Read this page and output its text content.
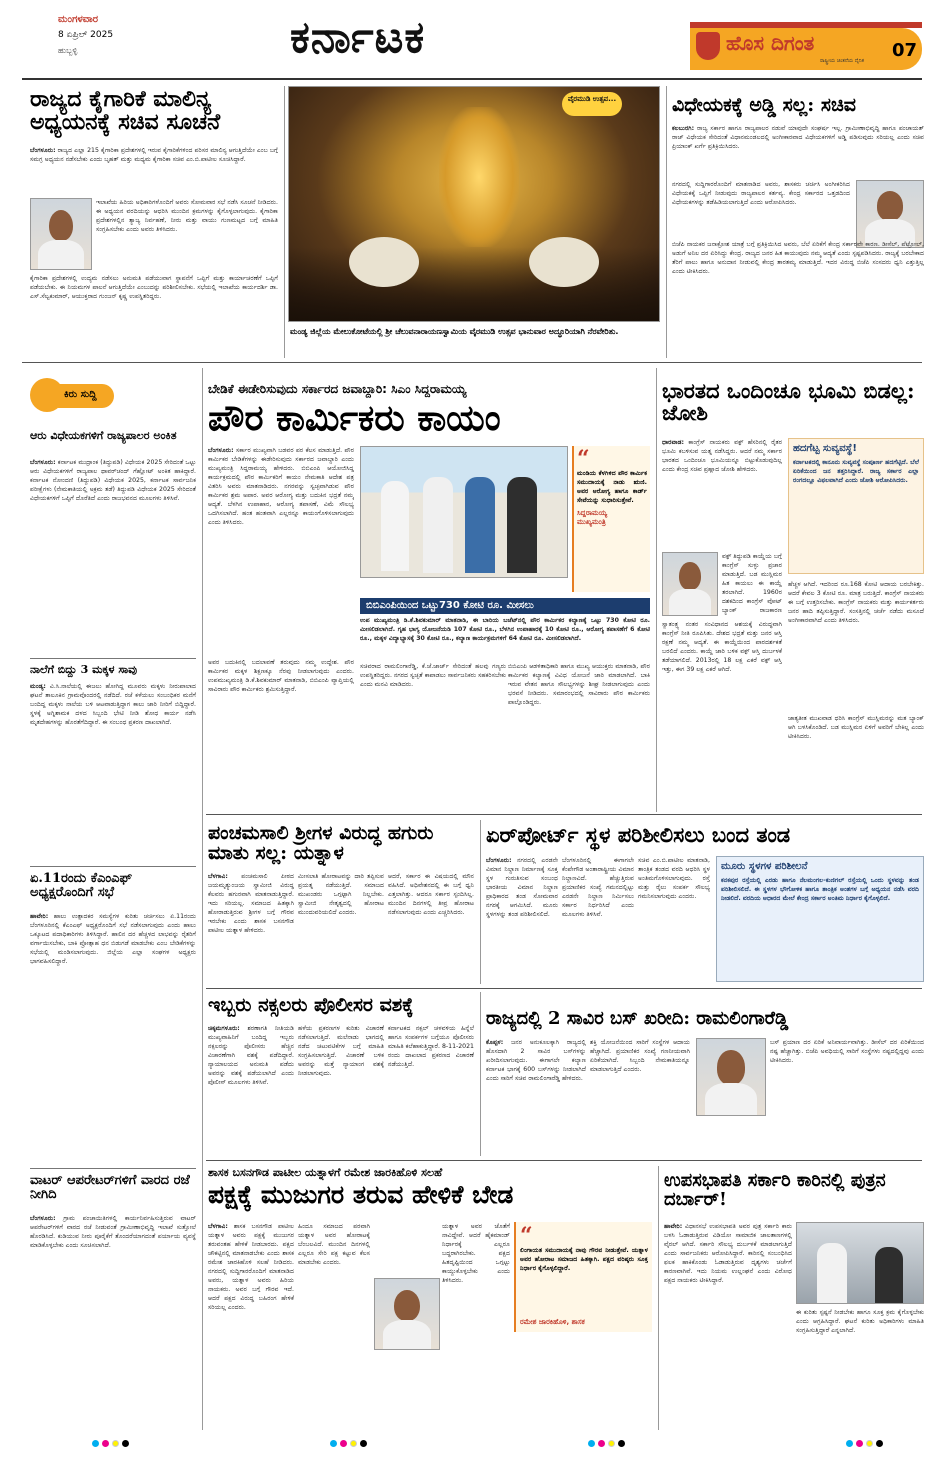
ಮಂಗಳವಾರ
8 ಏಪ್ರಿಲ್ 2025
ಹುಬ್ಬಳ್ಳಿ	ಕರ್ನಾಟಕ	ಹೊಸ ದಿಗಂತ
ರಾಷ್ಟ್ರೀಯ ಚಿಂತನೆಯ ದೈನಿಕ 07
ರಾಜ್ಯದ ಕೈಗಾರಿಕೆ ಮಾಲಿನ್ಯ ಅಧ್ಯಯನಕ್ಕೆ ಸಚಿವ ಸೂಚನೆ
ಬೆಂಗಳೂರು: ರಾಜ್ಯದ ಎಲ್ಲಾ 215 ಕೈಗಾರಿಕಾ ಪ್ರದೇಶಗಳಲ್ಲಿ ಇರುವ ಕೈಗಾರಿಕೆಗಳಿಂದ ಪರಿಸರ ಮಾಲಿನ್ಯ ಆಗುತ್ತಿದೆಯೇ ಎಂಬ ಬಗ್ಗೆ ಸಮಗ್ರ ಅಧ್ಯಯನ ನಡೆಸಬೇಕು ಎಂದು ಬೃಹತ್ ಮತ್ತು ಮಧ್ಯಮ ಕೈಗಾರಿಕಾ ಸಚಿವ ಎಂ.ಬಿ.ಪಾಟೀಲ ಸೂಚಿಸಿದ್ದಾರೆ.
ಇಲಾಖೆಯ ಹಿರಿಯ ಅಧಿಕಾರಿಗಳೊಂದಿಗೆ ಅವರು ಸೋಮವಾರ ಸಭೆ ನಡೆಸಿ ಸೂಚನೆ ನೀಡಿದರು. ಈ ಅಧ್ಯಯನ ವರದಿಯನ್ನು ಆಧರಿಸಿ ಮುಂದಿನ ಕ್ರಮಗಳನ್ನು ಕೈಗೊಳ್ಳಲಾಗುವುದು. ಕೈಗಾರಿಕಾ ಪ್ರದೇಶಗಳಲ್ಲಿನ ತ್ಯಾಜ್ಯ ನಿರ್ವಹಣೆ, ನೀರು ಮತ್ತು ವಾಯು ಗುಣಮಟ್ಟದ ಬಗ್ಗೆ ಮಾಹಿತಿ ಸಂಗ್ರಹಿಸಬೇಕು ಎಂದು ಅವರು ತಿಳಿಸಿದರು.
ಕೈಗಾರಿಕಾ ಪ್ರದೇಶಗಳಲ್ಲಿ ಉದ್ಯಮ ನಡೆಸಲು ಅನುಮತಿ ಪಡೆಯುವಾಗ ಸ್ಥಾಪನೆಗೆ ಒಪ್ಪಿಗೆ ಮತ್ತು ಕಾರ್ಯಾಚರಣೆಗೆ ಒಪ್ಪಿಗೆ ಪಡೆಯಬೇಕು. ಈ ನಿಯಮಗಳ ಪಾಲನೆ ಆಗುತ್ತಿದೆಯೇ ಎಂಬುದನ್ನು ಪರಿಶೀಲಿಸಬೇಕು. ಸಭೆಯಲ್ಲಿ ಇಲಾಖೆಯ ಕಾರ್ಯದರ್ಶಿ ಡಾ. ಎಸ್.ಸೆಲ್ವಕುಮಾರ್, ಆಯುಕ್ತರಾದ ಗುಂಜನ್ ಕೃಷ್ಣ ಉಪಸ್ಥಿತರಿದ್ದರು.
ವೈರಮುಡಿ ಉತ್ಸವ...
ಮಂಡ್ಯ ಜಿಲ್ಲೆಯ ಮೇಲುಕೋಟೆಯಲ್ಲಿ ಶ್ರೀ ಚೆಲುವನಾರಾಯಣಸ್ವಾಮಿಯ ವೈರಮುಡಿ ಉತ್ಸವ ಭಾನುವಾರ ಅದ್ಧೂರಿಯಾಗಿ ನೆರವೇರಿತು.
ವಿಧೇಯಕಕ್ಕೆ ಅಡ್ಡಿ ಸಲ್ಲ: ಸಚಿವ
ಕಲಬುರಗಿ: ರಾಜ್ಯ ಸರ್ಕಾರ ಹಾಗೂ ರಾಜ್ಯಪಾಲರ ನಡುವೆ ಯಾವುದೇ ಸಂಘರ್ಷ ಇಲ್ಲ. ಗ್ರಾಮೀಣಾಭಿವೃದ್ಧಿ ಹಾಗೂ ಪಂಚಾಯತ್ ರಾಜ್ ವಿಧೇಯಕ ಸೇರಿದಂತೆ ವಿಧಾನಮಂಡಲದಲ್ಲಿ ಅಂಗೀಕಾರವಾದ ವಿಧೇಯಕಗಳಿಗೆ ಅಡ್ಡಿ ಪಡಿಸುವುದು ಸರಿಯಲ್ಲ ಎಂದು ಸಚಿವ ಪ್ರಿಯಾಂಕ್ ಖರ್ಗೆ ಪ್ರತಿಕ್ರಿಯಿಸಿದರು.
ನಗರದಲ್ಲಿ ಸುದ್ದಿಗಾರರೊಂದಿಗೆ ಮಾತನಾಡಿದ ಅವರು, ಶಾಸಕರು ಚರ್ಚಿಸಿ ಅಂಗೀಕರಿಸಿದ ವಿಧೇಯಕಕ್ಕೆ ಒಪ್ಪಿಗೆ ನೀಡುವುದು ರಾಜ್ಯಪಾಲರ ಕರ್ತವ್ಯ. ಕೇಂದ್ರ ಸರ್ಕಾರದ ಒತ್ತಡದಿಂದ ವಿಧೇಯಕಗಳನ್ನು ತಡೆಹಿಡಿಯಲಾಗುತ್ತಿದೆ ಎಂದು ಆರೋಪಿಸಿದರು.
ಬಿಜೆಪಿ ನಾಯಕರ ಜನಾಕ್ರೋಶ ಯಾತ್ರೆ ಬಗ್ಗೆ ಪ್ರತಿಕ್ರಿಯಿಸಿದ ಅವರು, ಬೆಲೆ ಏರಿಕೆಗೆ ಕೇಂದ್ರ ಸರ್ಕಾರವೇ ಕಾರಣ. ಡೀಸೆಲ್, ಪೆಟ್ರೋಲ್, ಅಡುಗೆ ಅನಿಲ ದರ ಏರಿಸಿದ್ದು ಕೇಂದ್ರ. ರಾಜ್ಯದ ಜನರ ಹಿತ ಕಾಯುವುದು ನಮ್ಮ ಆದ್ಯತೆ ಎಂದು ಸ್ಪಷ್ಟಪಡಿಸಿದರು. ರಾಜ್ಯಕ್ಕೆ ಬರಬೇಕಾದ ತೆರಿಗೆ ಪಾಲು ಹಾಗೂ ಅನುದಾನ ನೀಡುವಲ್ಲಿ ಕೇಂದ್ರ ತಾರತಮ್ಯ ಮಾಡುತ್ತಿದೆ. ಇದರ ವಿರುದ್ಧ ಬಿಜೆಪಿ ಸಂಸದರು ಧ್ವನಿ ಎತ್ತುತ್ತಿಲ್ಲ ಎಂದು ಟೀಕಿಸಿದರು.
ಕಿರು ಸುದ್ದಿ
ಆರು ವಿಧೇಯಕಗಳಿಗೆ ರಾಜ್ಯಪಾಲರ ಅಂಕಿತ
ಬೆಂಗಳೂರು: ಕರ್ನಾಟಕ ಮುದ್ರಾಂಕ (ತಿದ್ದುಪಡಿ) ವಿಧೇಯಕ 2025 ಸೇರಿದಂತೆ ಒಟ್ಟು ಆರು ವಿಧೇಯಕಗಳಿಗೆ ರಾಜ್ಯಪಾಲ ಥಾವರ್‌ಚಂದ್ ಗೆಹ್ಲೋಟ್ ಅಂಕಿತ ಹಾಕಿದ್ದಾರೆ. ಕರ್ನಾಟಕ ನೋಂದಣಿ (ತಿದ್ದುಪಡಿ) ವಿಧೇಯಕ 2025, ಕರ್ನಾಟಕ ಸಾರ್ವಜನಿಕ ಪರೀಕ್ಷೆಗಳು (ನೇಮಕಾತಿಯಲ್ಲಿ ಅಕ್ರಮ ತಡೆ) ತಿದ್ದುಪಡಿ ವಿಧೇಯಕ 2025 ಸೇರಿದಂತೆ ವಿಧೇಯಕಗಳಿಗೆ ಒಪ್ಪಿಗೆ ದೊರೆತಿದೆ ಎಂದು ರಾಜಭವನದ ಮೂಲಗಳು ತಿಳಿಸಿವೆ.
ನಾಲೆಗೆ ಬಿದ್ದು 3 ಮಕ್ಕಳ ಸಾವು
ಮಂಡ್ಯ: ವಿ.ಸಿ.ನಾಲೆಯಲ್ಲಿ ಈಜಲು ಹೋಗಿದ್ದ ಮೂವರು ಮಕ್ಕಳು ನೀರುಪಾಲಾದ ಘಟನೆ ತಾಲೂಕಿನ ಗ್ರಾಮವೊಂದರಲ್ಲಿ ನಡೆದಿದೆ. ರಜೆ ಕಳೆಯಲು ಸಂಬಂಧಿಕರ ಮನೆಗೆ ಬಂದಿದ್ದ ಮಕ್ಕಳು ನಾಲೆಯ ಬಳಿ ಆಟವಾಡುತ್ತಿದ್ದಾಗ ಕಾಲು ಜಾರಿ ನೀರಿಗೆ ಬಿದ್ದಿದ್ದಾರೆ. ಸ್ಥಳಕ್ಕೆ ಅಗ್ನಿಶಾಮಕ ದಳದ ಸಿಬ್ಬಂದಿ ಭೇಟಿ ನೀಡಿ ಶೋಧ ಕಾರ್ಯ ನಡೆಸಿ ಮೃತದೇಹಗಳನ್ನು ಹೊರತೆಗೆದಿದ್ದಾರೆ. ಈ ಸಂಬಂಧ ಪ್ರಕರಣ ದಾಖಲಾಗಿದೆ.
ಏ.11ರಂದು ಕೆಎಂಎಫ್ ಅಧ್ಯಕ್ಷರೊಂದಿಗೆ ಸಭೆ
ಹಾವೇರಿ: ಹಾಲು ಉತ್ಪಾದಕರ ಸಮಸ್ಯೆಗಳ ಕುರಿತು ಚರ್ಚಿಸಲು ಏ.11ರಂದು ಬೆಂಗಳೂರಿನಲ್ಲಿ ಕೆಎಂಎಫ್ ಅಧ್ಯಕ್ಷರೊಂದಿಗೆ ಸಭೆ ನಡೆಸಲಾಗುವುದು ಎಂದು ಹಾಲು ಒಕ್ಕೂಟದ ಪದಾಧಿಕಾರಿಗಳು ತಿಳಿಸಿದ್ದಾರೆ. ಹಾಲಿನ ದರ ಹೆಚ್ಚಳದ ಲಾಭವನ್ನು ರೈತರಿಗೆ ವರ್ಗಾಯಿಸಬೇಕು, ಬಾಕಿ ಪ್ರೋತ್ಸಾಹ ಧನ ಬಿಡುಗಡೆ ಮಾಡಬೇಕು ಎಂಬ ಬೇಡಿಕೆಗಳನ್ನು ಸಭೆಯಲ್ಲಿ ಮಂಡಿಸಲಾಗುವುದು. ಜಿಲ್ಲೆಯ ಎಲ್ಲಾ ಸಂಘಗಳ ಅಧ್ಯಕ್ಷರು ಭಾಗವಹಿಸಲಿದ್ದಾರೆ.
ವಾಟರ್ ಆಪರೇಟರ್‌ಗಳಿಗೆ ವಾರದ ರಜೆ ನೀಗಿದಿ
ಬೆಂಗಳೂರು: ಗ್ರಾಮ ಪಂಚಾಯಿತಿಗಳಲ್ಲಿ ಕಾರ್ಯನಿರ್ವಹಿಸುತ್ತಿರುವ ವಾಟರ್ ಆಪರೇಟರ್‌ಗಳಿಗೆ ವಾರದ ರಜೆ ನೀಡುವಂತೆ ಗ್ರಾಮೀಣಾಭಿವೃದ್ಧಿ ಇಲಾಖೆ ಸುತ್ತೋಲೆ ಹೊರಡಿಸಿದೆ. ಕುಡಿಯುವ ನೀರು ಪೂರೈಕೆಗೆ ತೊಂದರೆಯಾಗದಂತೆ ಪರ್ಯಾಯ ವ್ಯವಸ್ಥೆ ಮಾಡಿಕೊಳ್ಳಬೇಕು ಎಂದು ಸೂಚಿಸಲಾಗಿದೆ.
ಬೇಡಿಕೆ ಈಡೇರಿಸುವುದು ಸರ್ಕಾರದ ಜವಾಬ್ದಾರಿ: ಸಿಎಂ ಸಿದ್ದರಾಮಯ್ಯ
ಪೌರ ಕಾರ್ಮಿಕರು ಕಾಯಂ
ಬೆಂಗಳೂರು: ಸರ್ಕಾರ ಮುಖ್ಯವಾಗಿ ಬಡವರ ಪರ ಕೆಲಸ ಮಾಡುತ್ತಿದೆ. ಪೌರ ಕಾರ್ಮಿಕರ ಬೇಡಿಕೆಗಳನ್ನು ಈಡೇರಿಸುವುದು ಸರ್ಕಾರದ ಜವಾಬ್ದಾರಿ ಎಂದು ಮುಖ್ಯಮಂತ್ರಿ ಸಿದ್ದರಾಮಯ್ಯ ಹೇಳಿದರು. ಬಿಬಿಎಂಪಿ ಆಯೋಜಿಸಿದ್ದ ಕಾರ್ಯಕ್ರಮದಲ್ಲಿ ಪೌರ ಕಾರ್ಮಿಕರಿಗೆ ಕಾಯಂ ನೇಮಕಾತಿ ಆದೇಶ ಪತ್ರ ವಿತರಿಸಿ ಅವರು ಮಾತನಾಡಿದರು. ನಗರವನ್ನು ಸ್ವಚ್ಛವಾಗಿಡುವ ಪೌರ ಕಾರ್ಮಿಕರ ಶ್ರಮ ಅಪಾರ. ಅವರ ಆರೋಗ್ಯ ಮತ್ತು ಬದುಕಿನ ಭದ್ರತೆ ನಮ್ಮ ಆದ್ಯತೆ. ಬೆಳಗಿನ ಉಪಾಹಾರ, ಆರೋಗ್ಯ ತಪಾಸಣೆ, ವಿಮೆ ಸೌಲಭ್ಯ ಒದಗಿಸಲಾಗಿದೆ. ಹಂತ ಹಂತವಾಗಿ ಎಲ್ಲರನ್ನೂ ಕಾಯಂಗೊಳಿಸಲಾಗುವುದು ಎಂದು ತಿಳಿಸಿದರು.
“
ಮಂಡಿಯ ಕೆಳಗಿಳಿದ ಪೌರ ಕಾರ್ಮಿಕ ಸಮುದಾಯಕ್ಕೆ ನಾಡು ಋಣಿ. ಅವರ ಆರೋಗ್ಯ ಹಾಗೂ ಕಾರ್ಡ್ ಸೇವೆಯನ್ನು ಸುಧಾರಿಸುತ್ತೇವೆ.
ಸಿದ್ದರಾಮಯ್ಯ
ಮುಖ್ಯಮಂತ್ರಿ
ಬಿಬಿಎಂಪಿಯಿಂದ ಒಟ್ಟು730 ಕೋಟಿ ರೂ. ಮೀಸಲು
ಉಪ ಮುಖ್ಯಮಂತ್ರಿ ಡಿ.ಕೆ.ಶಿವಕುಮಾರ್ ಮಾತನಾಡಿ, ಈ ಬಾರಿಯ ಬಜೆಟ್‌ನಲ್ಲಿ ಪೌರ ಕಾರ್ಮಿಕರ ಕಲ್ಯಾಣಕ್ಕೆ ಒಟ್ಟು 730 ಕೋಟಿ ರೂ. ಮೀಸಲಿಡಲಾಗಿದೆ. ಗೃಹ ಭಾಗ್ಯ ಯೋಜನೆಯಡಿ 107 ಕೋಟಿ ರೂ., ಬೆಳಗಿನ ಉಪಾಹಾರಕ್ಕೆ 10 ಕೋಟಿ ರೂ., ಆರೋಗ್ಯ ತಪಾಸಣೆಗೆ 6 ಕೋಟಿ ರೂ., ಮಕ್ಕಳ ವಿದ್ಯಾಭ್ಯಾಸಕ್ಕೆ 30 ಕೋಟಿ ರೂ., ಕಲ್ಯಾಣ ಕಾರ್ಯಕ್ರಮಗಳಿಗೆ 64 ಕೋಟಿ ರೂ. ಮೀಸಲಿಡಲಾಗಿದೆ.
ಅವರ ಬದುಕಿನಲ್ಲಿ ಬದಲಾವಣೆ ತರುವುದು ನಮ್ಮ ಉದ್ದೇಶ. ಪೌರ ಕಾರ್ಮಿಕರ ಮಕ್ಕಳ ಶಿಕ್ಷಣಕ್ಕೂ ನೆರವು ನೀಡಲಾಗುವುದು ಎಂದರು. ಉಪಮುಖ್ಯಮಂತ್ರಿ ಡಿ.ಕೆ.ಶಿವಕುಮಾರ್ ಮಾತನಾಡಿ, ಬಿಬಿಎಂಪಿ ವ್ಯಾಪ್ತಿಯಲ್ಲಿ ಸಾವಿರಾರು ಪೌರ ಕಾರ್ಮಿಕರು ಶ್ರಮಿಸುತ್ತಿದ್ದಾರೆ.
ಸಚಿವರಾದ ರಾಮಲಿಂಗಾರೆಡ್ಡಿ, ಕೆ.ಜೆ.ಜಾರ್ಜ್ ಸೇರಿದಂತೆ ಹಲವು ಗಣ್ಯರು ಉಪಸ್ಥಿತರಿದ್ದರು. ನಗರದ ಸ್ವಚ್ಛತೆ ಕಾಪಾಡಲು ಸಾರ್ವಜನಿಕರು ಸಹಕರಿಸಬೇಕು ಎಂದು ಮನವಿ ಮಾಡಿದರು.
ಬಿಬಿಎಂಪಿ ಆಡಳಿತಾಧಿಕಾರಿ ಹಾಗೂ ಮುಖ್ಯ ಆಯುಕ್ತರು ಮಾತನಾಡಿ, ಪೌರ ಕಾರ್ಮಿಕರ ಕಲ್ಯಾಣಕ್ಕೆ ವಿವಿಧ ಯೋಜನೆ ಜಾರಿ ಮಾಡಲಾಗಿದೆ. ಬಾಕಿ ಇರುವ ವೇತನ ಹಾಗೂ ಸೌಲಭ್ಯಗಳನ್ನು ಶೀಘ್ರ ನೀಡಲಾಗುವುದು ಎಂದು ಭರವಸೆ ನೀಡಿದರು. ಸಮಾರಂಭದಲ್ಲಿ ಸಾವಿರಾರು ಪೌರ ಕಾರ್ಮಿಕರು ಪಾಲ್ಗೊಂಡಿದ್ದರು.
ಭಾರತದ ಒಂದಿಂಚೂ ಭೂಮಿ ಬಿಡಲ್ಲ: ಜೋಶಿ
ಧಾರವಾಡ: ಕಾಂಗ್ರೆಸ್ ನಾಯಕರು ವಕ್ಫ್ ಹೆಸರಿನಲ್ಲಿ ರೈತರ ಭೂಮಿ ಕಬಳಿಸುವ ಯತ್ನ ನಡೆಸಿದ್ದರು. ಆದರೆ ನಮ್ಮ ಸರ್ಕಾರ ಭಾರತದ ಒಂದಿಂಚೂ ಭೂಮಿಯನ್ನೂ ಬಿಟ್ಟುಕೊಡುವುದಿಲ್ಲ ಎಂದು ಕೇಂದ್ರ ಸಚಿವ ಪ್ರಹ್ಲಾದ ಜೋಶಿ ಹೇಳಿದರು.
ಹದಗೆಟ್ಟ ಸುವ್ಯವಸ್ಥೆ!
ಕರ್ನಾಟಕದಲ್ಲಿ ಕಾನೂನು ಸುವ್ಯವಸ್ಥೆ ಸಂಪೂರ್ಣ ಹದಗೆಟ್ಟಿದೆ. ಬೆಲೆ ಏರಿಕೆಯಿಂದ ಜನ ತತ್ತರಿಸಿದ್ದಾರೆ. ರಾಜ್ಯ ಸರ್ಕಾರ ಎಲ್ಲಾ ರಂಗದಲ್ಲೂ ವಿಫಲವಾಗಿದೆ ಎಂದು ಜೋಶಿ ಆರೋಪಿಸಿದರು.
ವಕ್ಫ್ ತಿದ್ದುಪಡಿ ಕಾಯ್ದೆಯ ಬಗ್ಗೆ ಕಾಂಗ್ರೆಸ್ ಸುಳ್ಳು ಪ್ರಚಾರ ಮಾಡುತ್ತಿದೆ. ಬಡ ಮುಸ್ಲಿಮರ ಹಿತ ಕಾಯಲು ಈ ಕಾಯ್ದೆ ತರಲಾಗಿದೆ. 1960ರ ದಶಕದಿಂದ ಕಾಂಗ್ರೆಸ್ ವೋಟ್ ಬ್ಯಾಂಕ್ ರಾಜಕಾರಣ
ಸ್ವಾತಂತ್ರ್ಯ ನಂತರ ಸಂವಿಧಾನದ ಆಶಯಕ್ಕೆ ವಿರುದ್ಧವಾಗಿ ಕಾಂಗ್ರೆಸ್ ನೀತಿ ರೂಪಿಸಿತು. ದೇಶದ ಭದ್ರತೆ ಮತ್ತು ಜನರ ಆಸ್ತಿ ರಕ್ಷಣೆ ನಮ್ಮ ಆದ್ಯತೆ. ಈ ಕಾಯ್ದೆಯಿಂದ ಪಾರದರ್ಶಕತೆ ಬರಲಿದೆ ಎಂದರು. ಕಾಯ್ದೆ ಜಾರಿ ಬಳಿಕ ವಕ್ಫ್ ಆಸ್ತಿ ದುರ್ಬಳಕೆ ತಡೆಯಾಗಲಿದೆ. 2013ರಲ್ಲಿ 18 ಲಕ್ಷ ಎಕರೆ ವಕ್ಫ್ ಆಸ್ತಿ ಇತ್ತು, ಈಗ 39 ಲಕ್ಷ ಎಕರೆ ಆಗಿದೆ.
ಹೆಚ್ಚಳ ಆಗಿದೆ. ಇದರಿಂದ ರೂ.168 ಕೋಟಿ ಆದಾಯ ಬರಬೇಕಿತ್ತು. ಆದರೆ ಕೇವಲ 3 ಕೋಟಿ ರೂ. ಮಾತ್ರ ಬರುತ್ತಿದೆ. ಕಾಂಗ್ರೆಸ್ ನಾಯಕರು ಈ ಬಗ್ಗೆ ಉತ್ತರಿಸಬೇಕು. ಕಾಂಗ್ರೆಸ್ ನಾಯಕರು ಮತ್ತು ಕಾರ್ಯಕರ್ತರು ಜನರ ಹಾದಿ ತಪ್ಪಿಸುತ್ತಿದ್ದಾರೆ. ಸಂಸತ್ತಿನಲ್ಲಿ ಚರ್ಚೆ ನಡೆದು ಮಸೂದೆ ಅಂಗೀಕಾರವಾಗಿದೆ ಎಂದು ತಿಳಿಸಿದರು.
ಜಾತ್ಯತೀತ ಮುಖವಾಡ ಧರಿಸಿ ಕಾಂಗ್ರೆಸ್ ಮುಸ್ಲಿಮರನ್ನು ಮತ ಬ್ಯಾಂಕ್ ಆಗಿ ಬಳಸಿಕೊಂಡಿದೆ. ಬಡ ಮುಸ್ಲಿಮರ ಏಳಿಗೆ ಅವರಿಗೆ ಬೇಕಿಲ್ಲ ಎಂದು ಟೀಕಿಸಿದರು.
ಪಂಚಮಸಾಲಿ ಶ್ರೀಗಳ ವಿರುದ್ಧ ಹಗುರು ಮಾತು ಸಲ್ಲ: ಯತ್ನಾಳ
ಬೆಳಗಾವಿ: ಪಂಚಮಸಾಲಿ ಪೀಠದ ಜಯಮೃತ್ಯುಂಜಯ ಸ್ವಾಮೀಜಿ ವಿರುದ್ಧ ಕೆಲವರು ಹಗುರವಾಗಿ ಮಾತನಾಡುತ್ತಿದ್ದಾರೆ. ಇದು ಸರಿಯಲ್ಲ. ಸಮಾಜದ ಹಿತಕ್ಕಾಗಿ ಹೋರಾಡುತ್ತಿರುವ ಶ್ರೀಗಳ ಬಗ್ಗೆ ಗೌರವ ಇರಬೇಕು ಎಂದು ಶಾಸಕ ಬಸನಗೌಡ ಪಾಟೀಲ ಯತ್ನಾಳ ಹೇಳಿದರು.
ಮೀಸಲಾತಿ ಹೋರಾಟವನ್ನು ದಾರಿ ತಪ್ಪಿಸುವ ಪ್ರಯತ್ನ ನಡೆಯುತ್ತಿದೆ. ಸಮಾಜದ ಮುಖಂಡರು ಒಗ್ಗಟ್ಟಾಗಿ ನಿಲ್ಲಬೇಕು. ಸ್ವಾಮೀಜಿ ನೇತೃತ್ವದಲ್ಲಿ ಹೋರಾಟ ಮುಂದುವರಿಯಲಿದೆ ಎಂದರು.
ಆದರೆ, ಸರ್ಕಾರ ಈ ವಿಷಯದಲ್ಲಿ ಮೌನ ವಹಿಸಿದೆ. ಅಧಿವೇಶನದಲ್ಲಿ ಈ ಬಗ್ಗೆ ಧ್ವನಿ ಎತ್ತಲಾಗಿತ್ತು. ಆದರೂ ಸರ್ಕಾರ ಸ್ಪಂದಿಸಿಲ್ಲ. ಮುಂದಿನ ದಿನಗಳಲ್ಲಿ ತೀವ್ರ ಹೋರಾಟ ನಡೆಸಲಾಗುವುದು ಎಂದು ಎಚ್ಚರಿಸಿದರು.
ಏರ್‌ಪೋರ್ಟ್ ಸ್ಥಳ ಪರಿಶೀಲಿಸಲು ಬಂದ ತಂಡ
ಬೆಂಗಳೂರು: ನಗರದಲ್ಲಿ ಎರಡನೇ ವಿಮಾನ ನಿಲ್ದಾಣ ನಿರ್ಮಾಣಕ್ಕೆ ಸೂಕ್ತ ಸ್ಥಳ ಗುರುತಿಸುವ ಸಂಬಂಧ ಭಾರತೀಯ ವಿಮಾನ ನಿಲ್ದಾಣ ಪ್ರಾಧಿಕಾರದ ತಂಡ ಸೋಮವಾರ ನಗರಕ್ಕೆ ಆಗಮಿಸಿದೆ. ಮೂರು ಸ್ಥಳಗಳನ್ನು ತಂಡ ಪರಿಶೀಲಿಸಲಿದೆ.
ಬೆಂಗಳೂರಿನಲ್ಲಿ ಈಗಾಗಲೇ ಕೆಂಪೇಗೌಡ ಅಂತಾರಾಷ್ಟ್ರೀಯ ವಿಮಾನ ನಿಲ್ದಾಣವಿದೆ. ಹೆಚ್ಚುತ್ತಿರುವ ಪ್ರಯಾಣಿಕರ ಸಂಖ್ಯೆ ಗಮನದಲ್ಲಿಟ್ಟು ಎರಡನೇ ನಿಲ್ದಾಣ ನಿರ್ಮಿಸಲು ಸರ್ಕಾರ ನಿರ್ಧರಿಸಿದೆ ಎಂದು ಮೂಲಗಳು ತಿಳಿಸಿವೆ.
ಸಚಿವ ಎಂ.ಬಿ.ಪಾಟೀಲ ಮಾತನಾಡಿ, ತಾಂತ್ರಿಕ ತಂಡದ ವರದಿ ಆಧರಿಸಿ ಸ್ಥಳ ಅಂತಿಮಗೊಳಿಸಲಾಗುವುದು. ರಸ್ತೆ ಮತ್ತು ರೈಲು ಸಂಪರ್ಕ ಸೌಲಭ್ಯ ಗಮನಿಸಲಾಗುವುದು ಎಂದರು.
ಮೂರು ಸ್ಥಳಗಳ ಪರಿಶೀಲನೆ
ಕನಕಪುರ ರಸ್ತೆಯಲ್ಲಿ ಎರಡು ಹಾಗೂ ನೆಲಮಂಗಲ-ಕುಣಿಗಲ್ ರಸ್ತೆಯಲ್ಲಿ ಒಂದು ಸ್ಥಳವನ್ನು ತಂಡ ಪರಿಶೀಲಿಸಲಿದೆ. ಈ ಸ್ಥಳಗಳ ಭೌಗೋಳಿಕ ಹಾಗೂ ತಾಂತ್ರಿಕ ಅಂಶಗಳ ಬಗ್ಗೆ ಅಧ್ಯಯನ ನಡೆಸಿ ವರದಿ ನೀಡಲಿದೆ. ವರದಿಯ ಆಧಾರದ ಮೇಲೆ ಕೇಂದ್ರ ಸರ್ಕಾರ ಅಂತಿಮ ನಿರ್ಧಾರ ಕೈಗೊಳ್ಳಲಿದೆ.
ಇಬ್ಬರು ನಕ್ಸಲರು ಪೊಲೀಸರ ವಶಕ್ಕೆ
ಚಿಕ್ಕಮಗಳೂರು: ಶರಣಾಗತಿ ನೀತಿಯಡಿ ಮುಖ್ಯವಾಹಿನಿಗೆ ಬಂದಿದ್ದ ಇಬ್ಬರು ನಕ್ಸಲರನ್ನು ಪೊಲೀಸರು ಹೆಚ್ಚಿನ ವಿಚಾರಣೆಗಾಗಿ ವಶಕ್ಕೆ ಪಡೆದಿದ್ದಾರೆ. ನ್ಯಾಯಾಲಯದ ಅನುಮತಿ ಪಡೆದು ಅವರನ್ನು ವಶಕ್ಕೆ ಪಡೆಯಲಾಗಿದೆ ಎಂದು ಪೊಲೀಸ್ ಮೂಲಗಳು ತಿಳಿಸಿವೆ.
ಹಳೆಯ ಪ್ರಕರಣಗಳ ಕುರಿತು ವಿಚಾರಣೆ ನಡೆಸಲಾಗುತ್ತಿದೆ. ಮಲೆನಾಡು ಭಾಗದಲ್ಲಿ ನಡೆದ ಚಟುವಟಿಕೆಗಳ ಬಗ್ಗೆ ಮಾಹಿತಿ ಸಂಗ್ರಹಿಸಲಾಗುತ್ತಿದೆ. ವಿಚಾರಣೆ ಬಳಿಕ ಅವರನ್ನು ಮತ್ತೆ ನ್ಯಾಯಾಂಗ ವಶಕ್ಕೆ ನೀಡಲಾಗುವುದು.
ಕರ್ನಾಟಕದ ನಕ್ಸಲ್ ಚಳವಳಿಯ ಹಿನ್ನೆಲೆ ಹಾಗೂ ಸಂಪರ್ಕಗಳ ಬಗ್ಗೆಯೂ ಪೊಲೀಸರು ಮಾಹಿತಿ ಕಲೆಹಾಕುತ್ತಿದ್ದಾರೆ. 8-11-2021 ರಂದು ದಾಖಲಾದ ಪ್ರಕರಣದ ವಿಚಾರಣೆ ನಡೆಯುತ್ತಿದೆ.
ರಾಜ್ಯದಲ್ಲಿ 2 ಸಾವಿರ ಬಸ್ ಖರೀದಿ: ರಾಮಲಿಂಗಾರೆಡ್ಡಿ
ಕೊಪ್ಪಳ: ಜನರ ಅನುಕೂಲಕ್ಕಾಗಿ ರಾಜ್ಯದಲ್ಲಿ ಹೊಸದಾಗಿ 2 ಸಾವಿರ ಬಸ್‌ಗಳನ್ನು ಖರೀದಿಸಲಾಗುವುದು. ಈಗಾಗಲೇ ಕಲ್ಯಾಣ ಕರ್ನಾಟಕ ಭಾಗಕ್ಕೆ 600 ಬಸ್‌ಗಳನ್ನು ನೀಡಲಾಗಿದೆ ಎಂದು ಸಾರಿಗೆ ಸಚಿವ ರಾಮಲಿಂಗಾರೆಡ್ಡಿ ಹೇಳಿದರು.
ಶಕ್ತಿ ಯೋಜನೆಯಿಂದ ಸಾರಿಗೆ ಸಂಸ್ಥೆಗಳ ಆದಾಯ ಹೆಚ್ಚಾಗಿದೆ. ಪ್ರಯಾಣಿಕರ ಸಂಖ್ಯೆ ಗಣನೀಯವಾಗಿ ಏರಿಕೆಯಾಗಿದೆ. ಸಿಬ್ಬಂದಿ ನೇಮಕಾತಿಯನ್ನೂ ಮಾಡಲಾಗುತ್ತಿದೆ ಎಂದರು.
ಬಸ್ ಪ್ರಯಾಣ ದರ ಏರಿಕೆ ಅನಿವಾರ್ಯವಾಗಿತ್ತು. ಡೀಸೆಲ್ ದರ ಏರಿಕೆಯಿಂದ ನಷ್ಟ ಹೆಚ್ಚಾಗಿತ್ತು. ಬಿಜೆಪಿ ಅವಧಿಯಲ್ಲಿ ಸಾರಿಗೆ ಸಂಸ್ಥೆಗಳು ನಷ್ಟದಲ್ಲಿದ್ದವು ಎಂದು ಟೀಕಿಸಿದರು.
ಶಾಸಕ ಬಸನಗೌಡ ಪಾಟೀಲ ಯತ್ನಾಳಗೆ ರಮೇಶ ಜಾರಕಿಹೊಳಿ ಸಲಹೆ
ಪಕ್ಷಕ್ಕೆ ಮುಜುಗರ ತರುವ ಹೇಳಿಕೆ ಬೇಡ
ಬೆಳಗಾವಿ: ಶಾಸಕ ಬಸನಗೌಡ ಪಾಟೀಲ ಯತ್ನಾಳ ಅವರು ಪಕ್ಷಕ್ಕೆ ಮುಜುಗರ ತರುವಂತಹ ಹೇಳಿಕೆ ನೀಡಬಾರದು. ಪಕ್ಷದ ಚೌಕಟ್ಟಿನಲ್ಲಿ ಮಾತನಾಡಬೇಕು ಎಂದು ಶಾಸಕ ರಮೇಶ ಜಾರಕಿಹೊಳಿ ಸಲಹೆ ನೀಡಿದರು. ನಗರದಲ್ಲಿ ಸುದ್ದಿಗಾರರೊಂದಿಗೆ ಮಾತನಾಡಿದ ಅವರು, ಯತ್ನಾಳ ಅವರು ಹಿರಿಯ ನಾಯಕರು. ಅವರ ಬಗ್ಗೆ ಗೌರವ ಇದೆ. ಆದರೆ ಪಕ್ಷದ ವಿರುದ್ಧ ಬಹಿರಂಗ ಹೇಳಿಕೆ ಸರಿಯಲ್ಲ ಎಂದರು.
ಹಿಂದೂ ಸಮಾಜದ ಪರವಾಗಿ ಯತ್ನಾಳ ಅವರ ಹೋರಾಟಕ್ಕೆ ಬೆಂಬಲವಿದೆ. ಮುಂದಿನ ದಿನಗಳಲ್ಲಿ ಎಲ್ಲರೂ ಸೇರಿ ಪಕ್ಷ ಕಟ್ಟುವ ಕೆಲಸ ಮಾಡಬೇಕು ಎಂದರು.
ಯತ್ನಾಳ ಅವರ ಜೊತೆಗೆ ನಾವಿದ್ದೇವೆ. ಆದರೆ ಹೈಕಮಾಂಡ್ ನಿರ್ಧಾರಕ್ಕೆ ಎಲ್ಲರೂ ಬದ್ಧರಾಗಿರಬೇಕು. ಪಕ್ಷದ ಹಿತದೃಷ್ಟಿಯಿಂದ ಒಗ್ಗಟ್ಟು ಕಾಯ್ದುಕೊಳ್ಳಬೇಕು ಎಂದು ತಿಳಿಸಿದರು.
“
ಲಿಂಗಾಯತ ಸಮುದಾಯಕ್ಕೆ ನಾವು ಗೌರವ ನೀಡುತ್ತೇವೆ. ಯತ್ನಾಳ ಅವರ ಹೋರಾಟ ಸಮಾಜದ ಹಿತಕ್ಕಾಗಿ. ಪಕ್ಷದ ವರಿಷ್ಠರು ಸೂಕ್ತ ನಿರ್ಧಾರ ಕೈಗೊಳ್ಳಲಿದ್ದಾರೆ.
ರಮೇಶ ಜಾರಕಿಹೊಳಿ, ಶಾಸಕ
ಉಪಸಭಾಪತಿ ಸರ್ಕಾರಿ ಕಾರಿನಲ್ಲಿ ಪುತ್ರನ ದರ್ಬಾರ್!
ಹಾವೇರಿ: ವಿಧಾನಸಭೆ ಉಪಸಭಾಪತಿ ಅವರ ಪುತ್ರ ಸರ್ಕಾರಿ ಕಾರು ಬಳಸಿ ಓಡಾಡುತ್ತಿರುವ ವಿಡಿಯೋ ಸಾಮಾಜಿಕ ಜಾಲತಾಣಗಳಲ್ಲಿ ವೈರಲ್ ಆಗಿದೆ. ಸರ್ಕಾರಿ ಸೌಲಭ್ಯ ದುರ್ಬಳಕೆ ಮಾಡಲಾಗುತ್ತಿದೆ ಎಂದು ಸಾರ್ವಜನಿಕರು ಆರೋಪಿಸಿದ್ದಾರೆ. ಕಾರಿನಲ್ಲಿ ಸಂಬಂಧಿಸಿದ ಫಲಕ ಹಾಕಿಕೊಂಡು ಓಡಾಡುತ್ತಿರುವ ದೃಶ್ಯಗಳು ಚರ್ಚೆಗೆ ಕಾರಣವಾಗಿವೆ. ಇದು ನಿಯಮ ಉಲ್ಲಂಘನೆ ಎಂದು ವಿರೋಧ ಪಕ್ಷದ ನಾಯಕರು ಟೀಕಿಸಿದ್ದಾರೆ.
ಈ ಕುರಿತು ಸ್ಪಷ್ಟನೆ ನೀಡಬೇಕು ಹಾಗೂ ಸೂಕ್ತ ಕ್ರಮ ಕೈಗೊಳ್ಳಬೇಕು ಎಂದು ಆಗ್ರಹಿಸಿದ್ದಾರೆ. ಘಟನೆ ಕುರಿತು ಅಧಿಕಾರಿಗಳು ಮಾಹಿತಿ ಸಂಗ್ರಹಿಸುತ್ತಿದ್ದಾರೆ ಎನ್ನಲಾಗಿದೆ.
